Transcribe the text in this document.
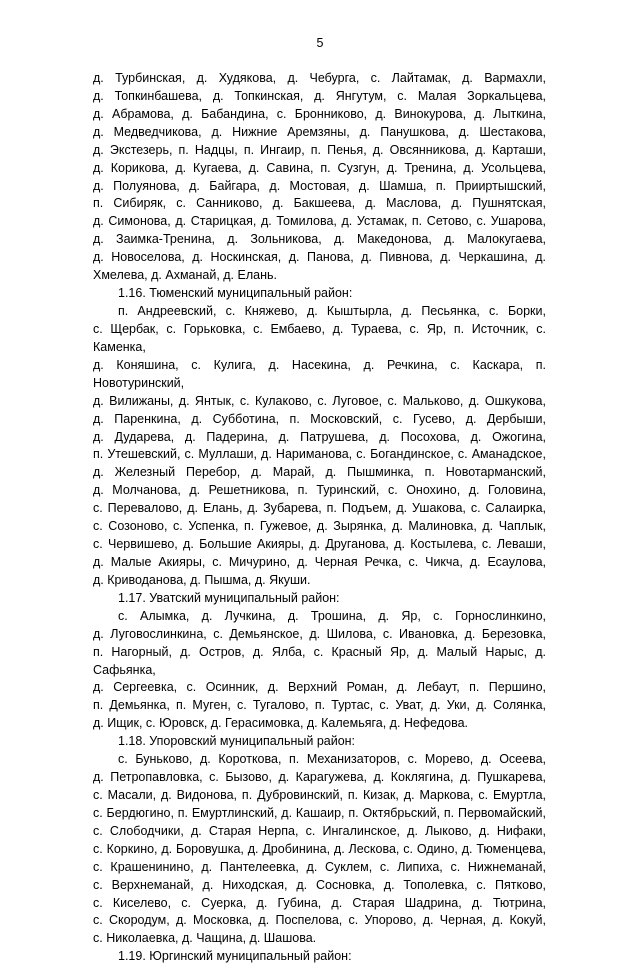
5
д. Турбинская, д. Худякова, д. Чебурга, с. Лайтамак, д. Вармахли,
д. Топкинбашева, д. Топкинская, д. Янгутум, с. Малая Зоркальцева,
д. Абрамова, д. Бабандина, с. Бронниково, д. Винокурова, д. Лыткина,
д. Медведчикова, д. Нижние Аремзяны, д. Панушкова, д. Шестакова,
д. Экстезерь, п. Надцы, п. Ингаир, п. Пенья, д. Овсянникова, д. Карташи,
д. Корикова, д. Кугаева, д. Савина, п. Сузгун, д. Тренина, д. Усольцева,
д. Полуянова, д. Байгара, д. Мостовая, д. Шамша, п. Прииртышский,
п. Сибиряк, с. Санниково, д. Бакшеева, д. Маслова, д. Пушнятская,
д. Симонова, д. Старицкая, д. Томилова, д. Устамак, п. Сетово, с. Ушарова,
д. Заимка-Тренина, д. Зольникова, д. Македонова, д. Малокугаева,
д. Новоселова, д. Носкинская, д. Панова, д. Пивнова, д. Черкашина, д. Хмелева, д. Ахманай, д. Елань.
1.16. Тюменский муниципальный район:
п. Андреевский, с. Княжево, д. Кыштырла, д. Песьянка, с. Борки,
с. Щербак, с. Горьковка, с. Ембаево, д. Тураева, с. Яр, п. Источник, с. Каменка,
д. Коняшина, с. Кулига, д. Насекина, д. Речкина, с. Каскара, п. Новотуринский,
д. Вилижаны, д. Янтык, с. Кулаково, с. Луговое, с. Мальково, д. Ошкукова,
д. Паренкина, д. Субботина, п. Московский, с. Гусево, д. Дербыши,
д. Дударева, д. Падерина, д. Патрушева, д. Посохова, д. Ожогина,
п. Утешевский, с. Муллаши, д. Нариманова, с. Богандинское, с. Аманадское,
д. Железный Перебор, д. Марай, д. Пышминка, п. Новотарманский,
д. Молчанова, д. Решетникова, п. Туринский, с. Онохино, д. Головина,
с. Перевалово, д. Елань, д. Зубарева, п. Подъем, д. Ушакова, с. Салаирка,
с. Созоново, с. Успенка, п. Гужевое, д. Зырянка, д. Малиновка, д. Чаплык,
с. Червишево, д. Большие Акияры, д. Друганова, д. Костылева, с. Леваши,
д. Малые Акияры, с. Мичурино, д. Черная Речка, с. Чикча, д. Есаулова,
д. Криводанова, д. Пышма, д. Якуши.
1.17. Уватский муниципальный район:
с. Алымка, д. Лучкина, д. Трошина, д. Яр, с. Горнослинкино,
д. Луговослинкина, с. Демьянское, д. Шилова, с. Ивановка, д. Березовка,
п. Нагорный, д. Остров, д. Ялба, с. Красный Яр, д. Малый Нарыс, д. Сафьянка,
д. Сергеевка, с. Осинник, д. Верхний Роман, д. Лебаут, п. Першино,
п. Демьянка, п. Муген, с. Тугалово, п. Туртас, с. Уват, д. Уки, д. Солянка,
д. Ищик, с. Юровск, д. Герасимовка, д. Калемьяга, д. Нефедова.
1.18. Упоровский муниципальный район:
с. Буньково, д. Короткова, п. Механизаторов, с. Морево, д. Осеева,
д. Петропавловка, с. Бызово, д. Карагужева, д. Коклягина, д. Пушкарева,
с. Масали, д. Видонова, п. Дубровинский, п. Кизак, д. Маркова, с. Емуртла,
с. Бердюгино, п. Емуртлинский, д. Кашаир, п. Октябрьский, п. Первомайский,
с. Слободчики, д. Старая Нерпа, с. Ингалинское, д. Лыково, д. Нифаки,
с. Коркино, д. Боровушка, д. Дробинина, д. Лескова, с. Одино, д. Тюменцева,
с. Крашенинино, д. Пантелеевка, д. Суклем, с. Липиха, с. Нижнеманай,
с. Верхнеманай, д. Ниходская, д. Сосновка, д. Тополевка, с. Пятково,
с. Киселево, с. Суерка, д. Губина, д. Старая Шадрина, д. Тютрина,
с. Скородум, д. Московка, д. Поспелова, с. Упорово, д. Черная, д. Кокуй,
с. Николаевка, д. Чащина, д. Шашова.
1.19. Юргинский муниципальный район:
